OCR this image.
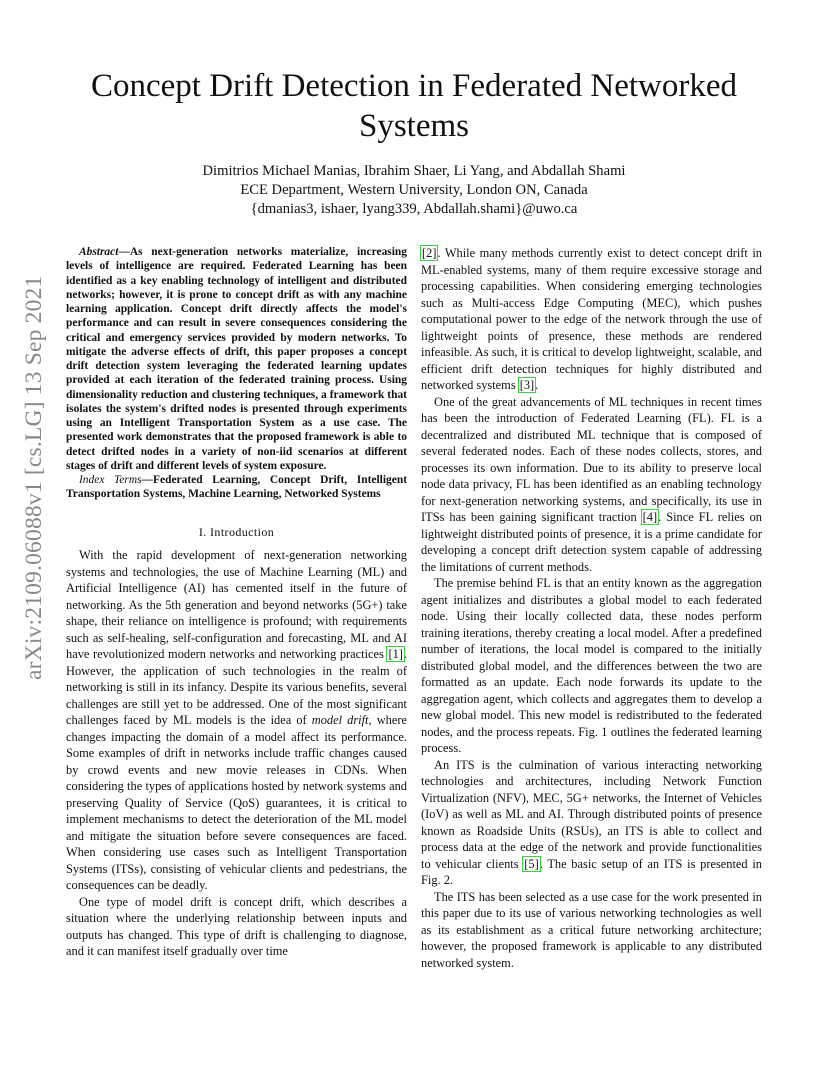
Concept Drift Detection in Federated Networked Systems
Dimitrios Michael Manias, Ibrahim Shaer, Li Yang, and Abdallah Shami
ECE Department, Western University, London ON, Canada
{dmanias3, ishaer, lyang339, Abdallah.shami}@uwo.ca
arXiv:2109.06088v1 [cs.LG] 13 Sep 2021

Abstract—As next-generation networks materialize, increasing levels of intelligence are required. Federated Learning has been identified as a key enabling technology of intelligent and distributed networks; however, it is prone to concept drift as with any machine learning application. Concept drift directly affects the model's performance and can result in severe consequences considering the critical and emergency services provided by modern networks. To mitigate the adverse effects of drift, this paper proposes a concept drift detection system leveraging the federated learning updates provided at each iteration of the federated training process. Using dimensionality reduction and clustering techniques, a framework that isolates the system's drifted nodes is presented through experiments using an Intelligent Transportation System as a use case. The presented work demonstrates that the proposed framework is able to detect drifted nodes in a variety of non-iid scenarios at different stages of drift and different levels of system exposure.

Index Terms—Federated Learning, Concept Drift, Intelligent Transportation Systems, Machine Learning, Networked Systems

I. Introduction

With the rapid development of next-generation networking systems and technologies, the use of Machine Learning (ML) and Artificial Intelligence (AI) has cemented itself in the future of networking. As the 5th generation and beyond networks (5G+) take shape, their reliance on intelligence is profound; with requirements such as self-healing, self-configuration and forecasting, ML and AI have revolutionized modern networks and networking practices [1]. However, the application of such technologies in the realm of networking is still in its infancy. Despite its various benefits, several challenges are still yet to be addressed. One of the most significant challenges faced by ML models is the idea of model drift, where changes impacting the domain of a model affect its performance. Some examples of drift in networks include traffic changes caused by crowd events and new movie releases in CDNs. When considering the types of applications hosted by network systems and preserving Quality of Service (QoS) guarantees, it is critical to implement mechanisms to detect the deterioration of the ML model and mitigate the situation before severe consequences are faced. When considering use cases such as Intelligent Transportation Systems (ITSs), consisting of vehicular clients and pedestrians, the consequences can be deadly.

One type of model drift is concept drift, which describes a situation where the underlying relationship between inputs and outputs has changed. This type of drift is challenging to diagnose, and it can manifest itself gradually over time

[2]. While many methods currently exist to detect concept drift in ML-enabled systems, many of them require excessive storage and processing capabilities. When considering emerging technologies such as Multi-access Edge Computing (MEC), which pushes computational power to the edge of the network through the use of lightweight points of presence, these methods are rendered infeasible. As such, it is critical to develop lightweight, scalable, and efficient drift detection techniques for highly distributed and networked systems [3].

One of the great advancements of ML techniques in recent times has been the introduction of Federated Learning (FL). FL is a decentralized and distributed ML technique that is composed of several federated nodes. Each of these nodes collects, stores, and processes its own information. Due to its ability to preserve local node data privacy, FL has been identified as an enabling technology for next-generation networking systems, and specifically, its use in ITSs has been gaining significant traction [4]. Since FL relies on lightweight distributed points of presence, it is a prime candidate for developing a concept drift detection system capable of addressing the limitations of current methods.

The premise behind FL is that an entity known as the aggregation agent initializes and distributes a global model to each federated node. Using their locally collected data, these nodes perform training iterations, thereby creating a local model. After a predefined number of iterations, the local model is compared to the initially distributed global model, and the differences between the two are formatted as an update. Each node forwards its update to the aggregation agent, which collects and aggregates them to develop a new global model. This new model is redistributed to the federated nodes, and the process repeats. Fig. 1 outlines the federated learning process.

An ITS is the culmination of various interacting networking technologies and architectures, including Network Function Virtualization (NFV), MEC, 5G+ networks, the Internet of Vehicles (IoV) as well as ML and AI. Through distributed points of presence known as Roadside Units (RSUs), an ITS is able to collect and process data at the edge of the network and provide functionalities to vehicular clients [5]. The basic setup of an ITS is presented in Fig. 2.

The ITS has been selected as a use case for the work presented in this paper due to its use of various networking technologies as well as its establishment as a critical future networking architecture; however, the proposed framework is applicable to any distributed networked system.
